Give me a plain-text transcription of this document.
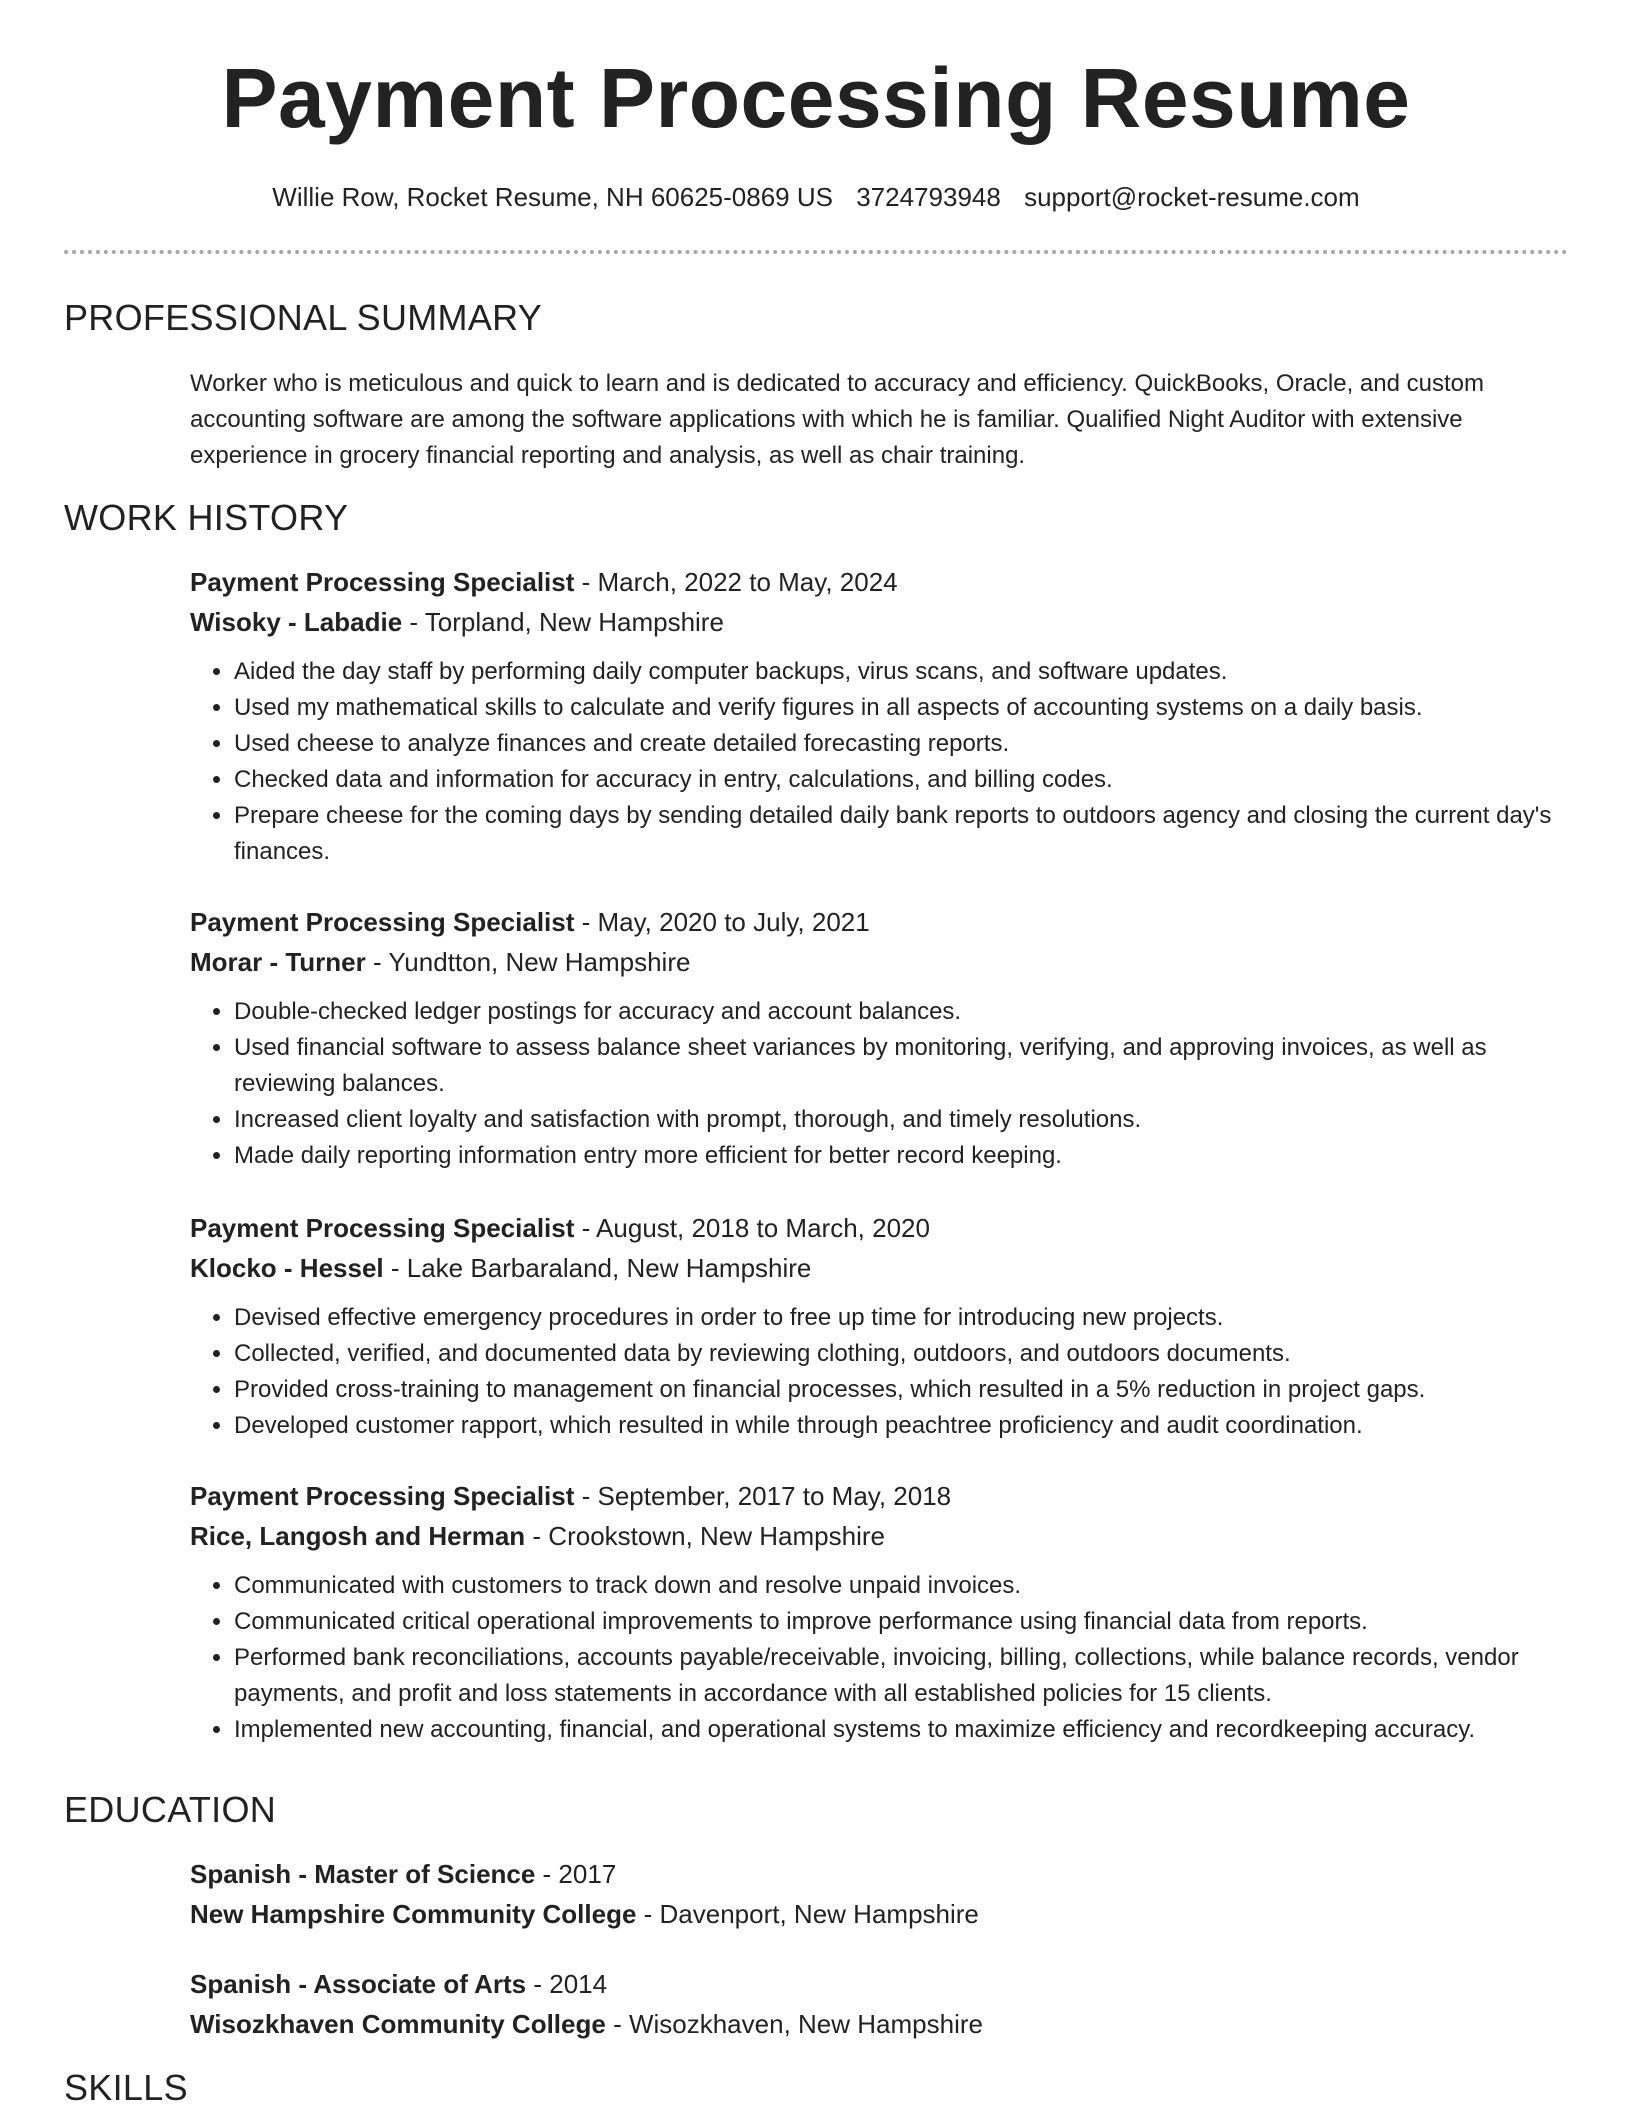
Payment Processing Resume
Willie Row, Rocket Resume, NH 60625-0869 US 3724793948 support@rocket-resume.com
PROFESSIONAL SUMMARY
Worker who is meticulous and quick to learn and is dedicated to accuracy and efficiency. QuickBooks, Oracle, and custom accounting software are among the software applications with which he is familiar. Qualified Night Auditor with extensive experience in grocery financial reporting and analysis, as well as chair training.
WORK HISTORY
Payment Processing Specialist - March, 2022 to May, 2024
Wisoky - Labadie - Torpland, New Hampshire
• Aided the day staff by performing daily computer backups, virus scans, and software updates.
• Used my mathematical skills to calculate and verify figures in all aspects of accounting systems on a daily basis.
• Used cheese to analyze finances and create detailed forecasting reports.
• Checked data and information for accuracy in entry, calculations, and billing codes.
• Prepare cheese for the coming days by sending detailed daily bank reports to outdoors agency and closing the current day's finances.
Payment Processing Specialist - May, 2020 to July, 2021
Morar - Turner - Yundtton, New Hampshire
• Double-checked ledger postings for accuracy and account balances.
• Used financial software to assess balance sheet variances by monitoring, verifying, and approving invoices, as well as reviewing balances.
• Increased client loyalty and satisfaction with prompt, thorough, and timely resolutions.
• Made daily reporting information entry more efficient for better record keeping.
Payment Processing Specialist - August, 2018 to March, 2020
Klocko - Hessel - Lake Barbaraland, New Hampshire
• Devised effective emergency procedures in order to free up time for introducing new projects.
• Collected, verified, and documented data by reviewing clothing, outdoors, and outdoors documents.
• Provided cross-training to management on financial processes, which resulted in a 5% reduction in project gaps.
• Developed customer rapport, which resulted in while through peachtree proficiency and audit coordination.
Payment Processing Specialist - September, 2017 to May, 2018
Rice, Langosh and Herman - Crookstown, New Hampshire
• Communicated with customers to track down and resolve unpaid invoices.
• Communicated critical operational improvements to improve performance using financial data from reports.
• Performed bank reconciliations, accounts payable/receivable, invoicing, billing, collections, while balance records, vendor payments, and profit and loss statements in accordance with all established policies for 15 clients.
• Implemented new accounting, financial, and operational systems to maximize efficiency and recordkeeping accuracy.
EDUCATION
Spanish - Master of Science - 2017
New Hampshire Community College - Davenport, New Hampshire
Spanish - Associate of Arts - 2014
Wisozkhaven Community College - Wisozkhaven, New Hampshire
SKILLS
